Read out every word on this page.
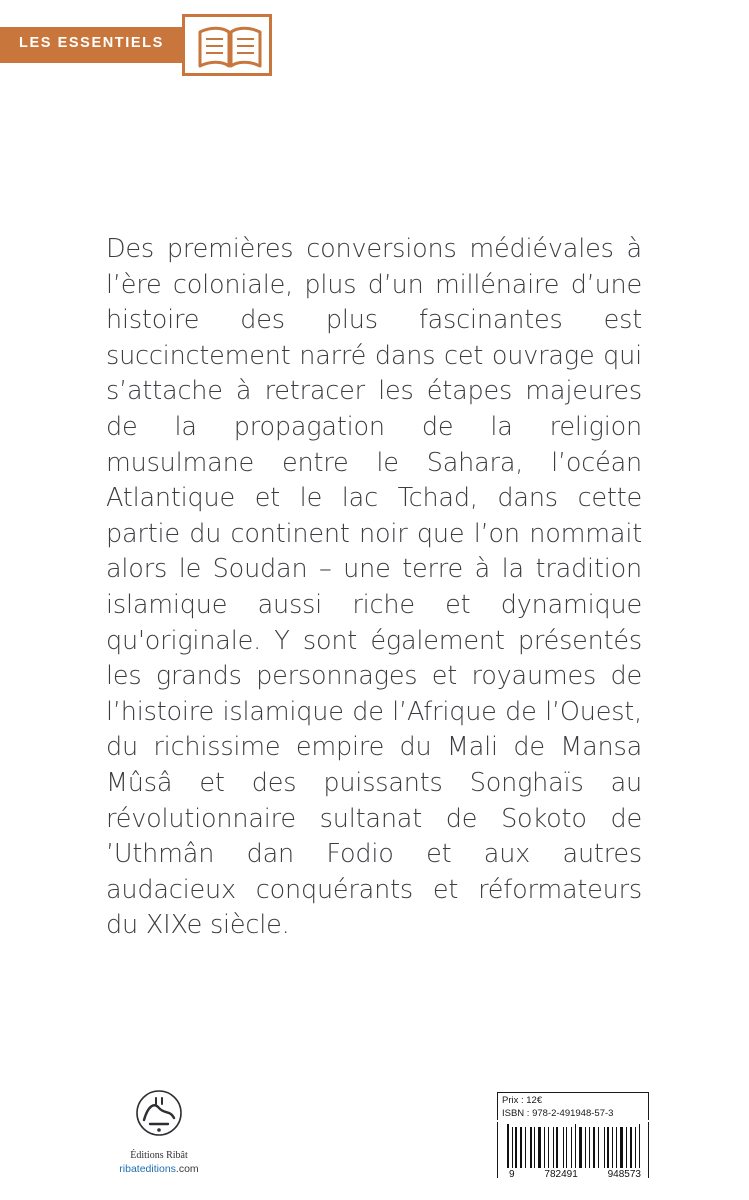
LES ESSENTIELS

Des premières conversions médiévales à l’ère coloniale, plus d’un millénaire d’une histoire des plus fascinantes est succinctement narré dans cet ouvrage qui s’attache à retracer les étapes majeures de la propagation de la religion musulmane entre le Sahara, l’océan Atlantique et le lac Tchad, dans cette partie du continent noir que l’on nommait alors le Soudan – une terre à la tradition islamique aussi riche et dynamique qu'originale. Y sont également présentés les grands personnages et royaumes de l’histoire islamique de l’Afrique de l’Ouest, du richissime empire du Mali de Mansa Mûsâ et des puissants Songhaïs au révolutionnaire sultanat de Sokoto de ’Uthmân dan Fodio et aux autres audacieux conquérants et réformateurs du XIXe siècle.

Éditions Ribât
ribateditions.com
Prix : 12€
ISBN : 978-2-491948-57-3
9	782491	948573
